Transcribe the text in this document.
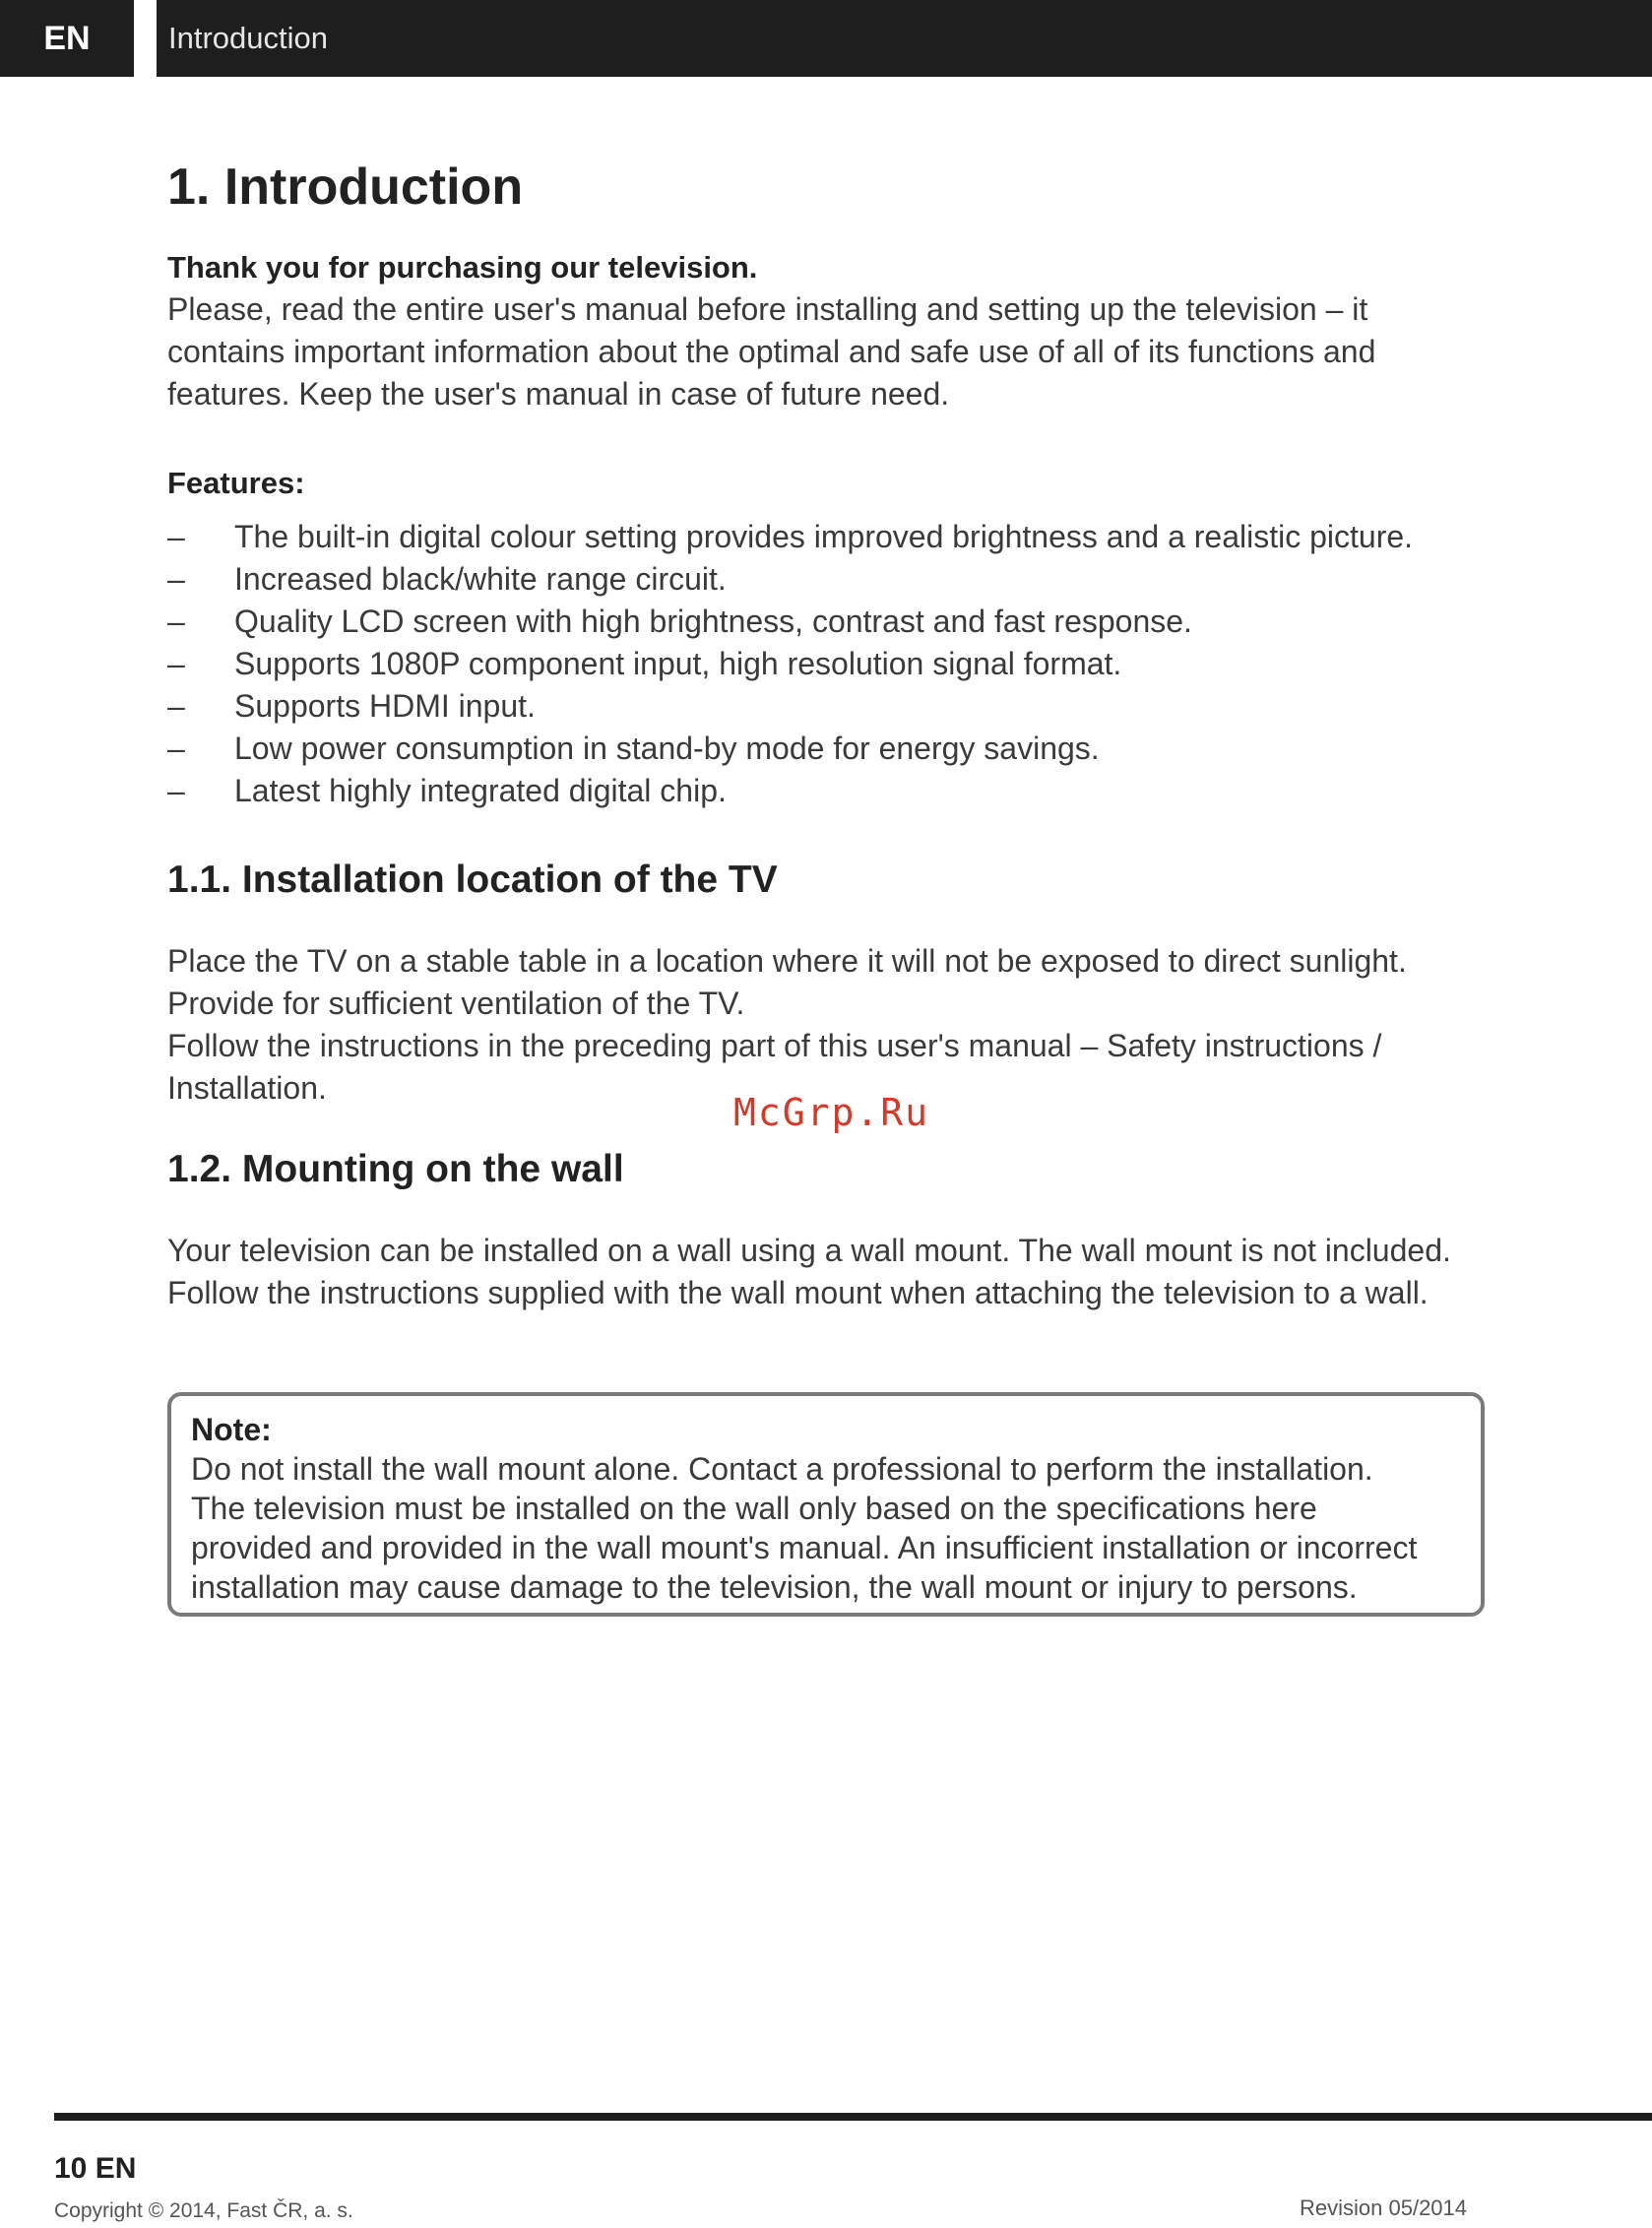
EN	Introduction
1. Introduction
Thank you for purchasing our television.

Please, read the entire user's manual before installing and setting up the television – it

contains important information about the optimal and safe use of all of its functions and

features. Keep the user's manual in case of future need.

Features:
– The built-in digital colour setting provides improved brightness and a realistic picture.
– Increased black/white range circuit.
– Quality LCD screen with high brightness, contrast and fast response.
– Supports 1080P component input, high resolution signal format.
– Supports HDMI input.
– Low power consumption in stand-by mode for energy savings.
– Latest highly integrated digital chip.
1.1. Installation location of the TV

Place the TV on a stable table in a location where it will not be exposed to direct sunlight.

Provide for sufficient ventilation of the TV.

Follow the instructions in the preceding part of this user's manual – Safety instructions /

Installation.

1.2. Mounting on the wall

Your television can be installed on a wall using a wall mount. The wall mount is not included.

Follow the instructions supplied with the wall mount when attaching the television to a wall.

McGrp.Ru
Note:

Do not install the wall mount alone. Contact a professional to perform the installation.

The television must be installed on the wall only based on the specifications here

provided and provided in the wall mount's manual. An insufficient installation or incorrect

installation may cause damage to the television, the wall mount or injury to persons.

10 EN
Copyright © 2014, Fast ČR, a. s.	Revision 05/2014
